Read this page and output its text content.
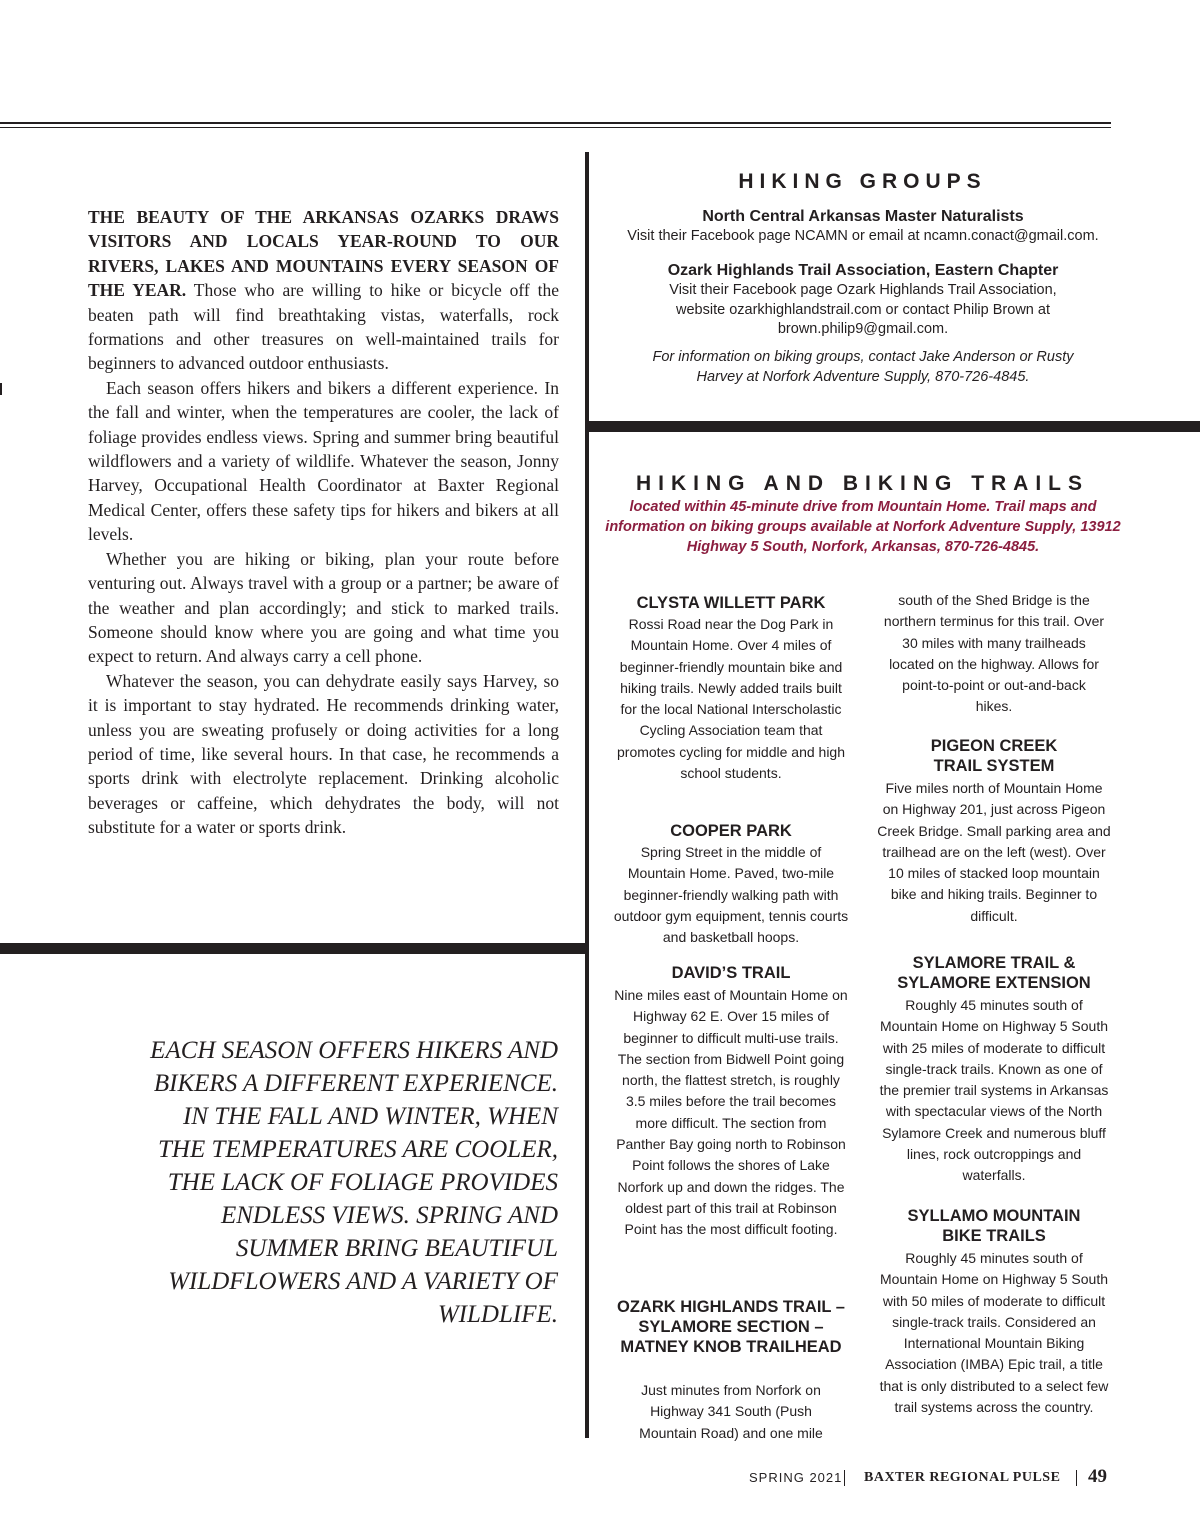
THE BEAUTY OF THE ARKANSAS OZARKS DRAWS VISITORS AND LOCALS YEAR-ROUND TO OUR RIVERS, LAKES AND MOUNTAINS EVERY SEASON OF THE YEAR. Those who are willing to hike or bicycle off the beaten path will find breathtaking vistas, waterfalls, rock formations and other treasures on well-maintained trails for beginners to advanced outdoor enthusiasts.

Each season offers hikers and bikers a different experience. In the fall and winter, when the temperatures are cooler, the lack of foliage provides endless views. Spring and summer bring beautiful wildflowers and a variety of wildlife. Whatever the season, Jonny Harvey, Occupational Health Coordinator at Baxter Regional Medical Center, offers these safety tips for hikers and bikers at all levels.

Whether you are hiking or biking, plan your route before venturing out. Always travel with a group or a partner; be aware of the weather and plan accordingly; and stick to marked trails. Someone should know where you are going and what time you expect to return. And always carry a cell phone.

Whatever the season, you can dehydrate easily says Harvey, so it is important to stay hydrated. He recommends drinking water, unless you are sweating profusely or doing activities for a long period of time, like several hours. In that case, he recommends a sports drink with electrolyte replacement. Drinking alcoholic beverages or caffeine, which dehydrates the body, will not substitute for a water or sports drink.

EACH SEASON OFFERS HIKERS AND BIKERS A DIFFERENT EXPERIENCE. IN THE FALL AND WINTER, WHEN THE TEMPERATURES ARE COOLER, THE LACK OF FOLIAGE PROVIDES ENDLESS VIEWS. SPRING AND SUMMER BRING BEAUTIFUL WILDFLOWERS AND A VARIETY OF WILDLIFE.
HIKING GROUPS
North Central Arkansas Master Naturalists
Visit their Facebook page NCAMN or email at ncamn.conact@gmail.com.
Ozark Highlands Trail Association, Eastern Chapter
Visit their Facebook page Ozark Highlands Trail Association, website ozarkhighlandstrail.com or contact Philip Brown at brown.philip9@gmail.com.
For information on biking groups, contact Jake Anderson or Rusty Harvey at Norfork Adventure Supply, 870-726-4845.
HIKING AND BIKING TRAILS
located within 45-minute drive from Mountain Home. Trail maps and information on biking groups available at Norfork Adventure Supply, 13912 Highway 5 South, Norfork, Arkansas, 870-726-4845.
CLYSTA WILLETT PARK
Rossi Road near the Dog Park in Mountain Home. Over 4 miles of beginner-friendly mountain bike and hiking trails. Newly added trails built for the local National Interscholastic Cycling Association team that promotes cycling for middle and high school students.
COOPER PARK
Spring Street in the middle of Mountain Home. Paved, two-mile beginner-friendly walking path with outdoor gym equipment, tennis courts and basketball hoops.
DAVID’S TRAIL
Nine miles east of Mountain Home on Highway 62 E. Over 15 miles of beginner to difficult multi-use trails. The section from Bidwell Point going north, the flattest stretch, is roughly 3.5 miles before the trail becomes more difficult. The section from Panther Bay going north to Robinson Point follows the shores of Lake Norfork up and down the ridges. The oldest part of this trail at Robinson Point has the most difficult footing.
OZARK HIGHLANDS TRAIL – SYLAMORE SECTION – MATNEY KNOB TRAILHEAD
Just minutes from Norfork on Highway 341 South (Push Mountain Road) and one mile
south of the Shed Bridge is the northern terminus for this trail. Over 30 miles with many trailheads located on the highway. Allows for point-to-point or out-and-back hikes.
PIGEON CREEK TRAIL SYSTEM
Five miles north of Mountain Home on Highway 201, just across Pigeon Creek Bridge. Small parking area and trailhead are on the left (west). Over 10 miles of stacked loop mountain bike and hiking trails. Beginner to difficult.
SYLAMORE TRAIL & SYLAMORE EXTENSION
Roughly 45 minutes south of Mountain Home on Highway 5 South with 25 miles of moderate to difficult single-track trails. Known as one of the premier trail systems in Arkansas with spectacular views of the North Sylamore Creek and numerous bluff lines, rock outcroppings and waterfalls.
SYLLAMO MOUNTAIN BIKE TRAILS
Roughly 45 minutes south of Mountain Home on Highway 5 South with 50 miles of moderate to difficult single-track trails. Considered an International Mountain Biking Association (IMBA) Epic trail, a title that is only distributed to a select few trail systems across the country.
SPRING 2021 BAXTER REGIONAL PULSE 49
